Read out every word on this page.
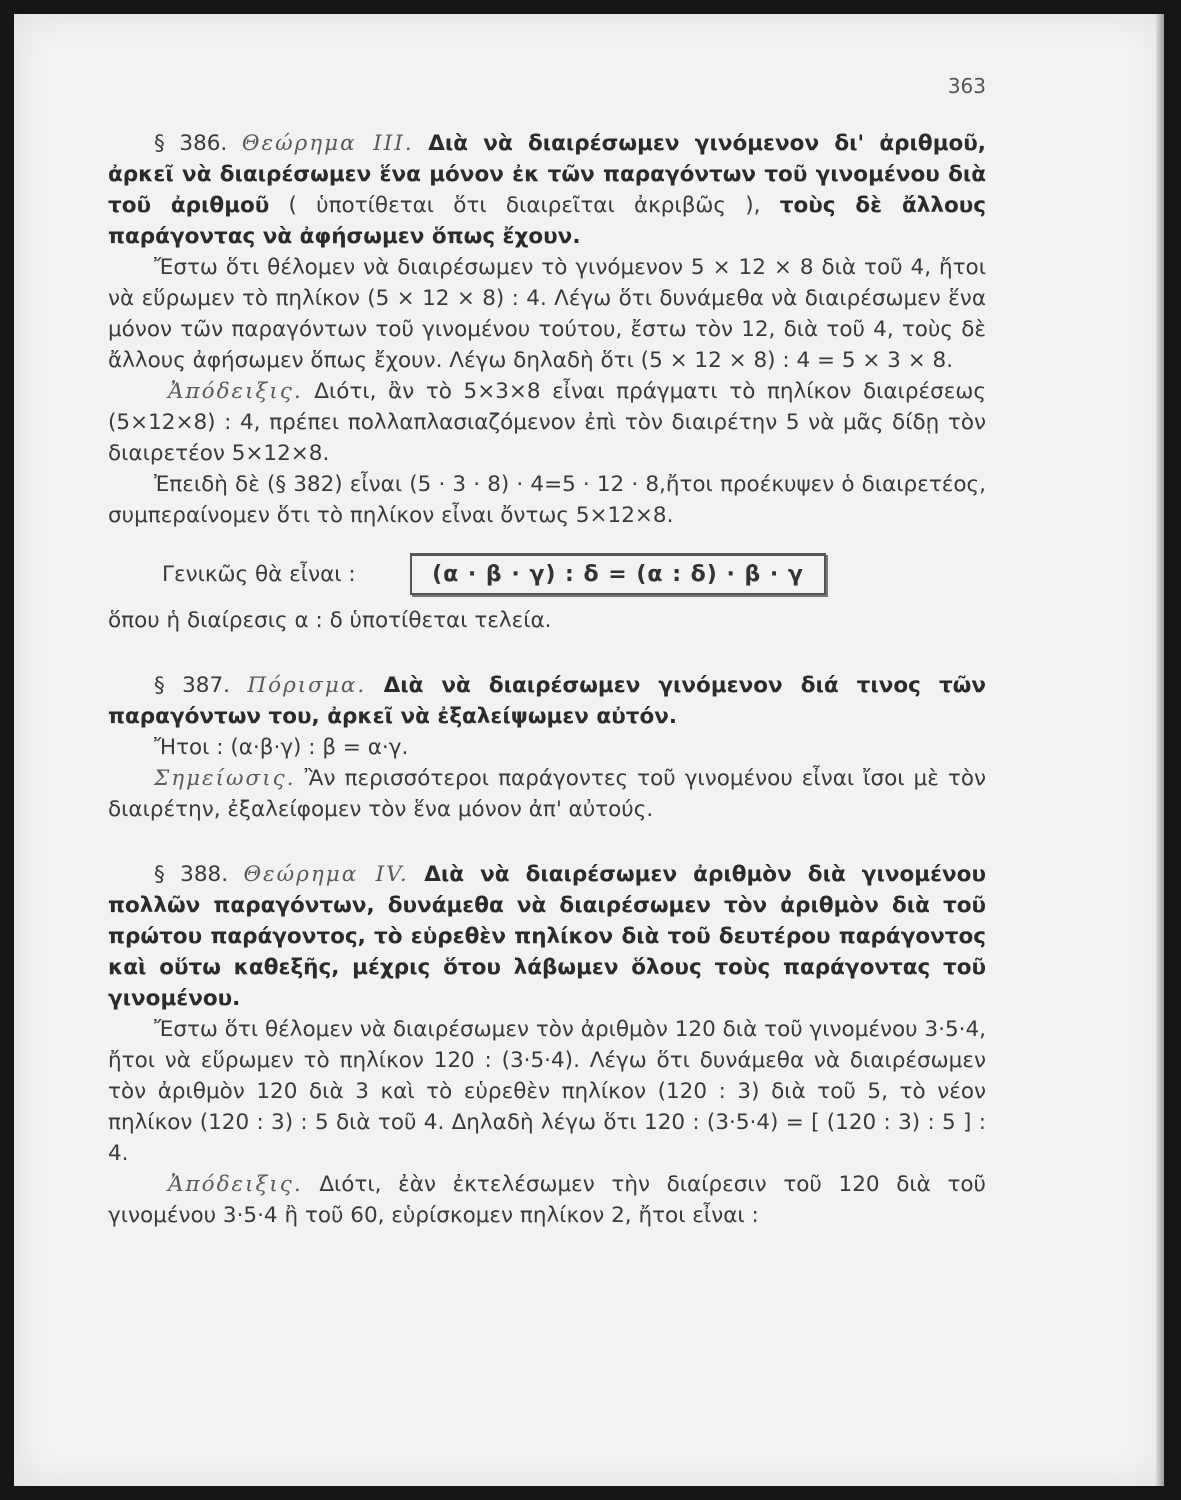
363

§ 386. Θεώρημα III. Διὰ νὰ διαιρέσωμεν γινόμενον δι' ἀριθμοῦ, ἀρκεῖ νὰ διαιρέσωμεν ἕνα μόνον ἐκ τῶν παραγόντων τοῦ γινομένου διὰ τοῦ ἀριθμοῦ ( ὑποτίθεται ὅτι διαιρεῖται ἀκριβῶς ), τοὺς δὲ ἄλλους παράγοντας νὰ ἀφήσωμεν ὅπως ἔχουν.

Ἔστω ὅτι θέλομεν νὰ διαιρέσωμεν τὸ γινόμενον 5 × 12 × 8 διὰ τοῦ 4, ἤτοι νὰ εὕρωμεν τὸ πηλίκον (5 × 12 × 8) : 4. Λέγω ὅτι δυνάμεθα νὰ διαιρέσωμεν ἕνα μόνον τῶν παραγόντων τοῦ γινομένου τούτου, ἔστω τὸν 12, διὰ τοῦ 4, τοὺς δὲ ἄλλους ἀφήσωμεν ὅπως ἔχουν. Λέγω δηλαδὴ ὅτι (5 × 12 × 8) : 4 = 5 × 3 × 8.

Ἀπόδειξις. Διότι, ἂν τὸ 5×3×8 εἶναι πράγματι τὸ πηλίκον διαιρέσεως (5×12×8) : 4, πρέπει πολλαπλασιαζόμενον ἐπὶ τὸν διαιρέτην 5 νὰ μᾶς δίδῃ τὸν διαιρετέον 5×12×8.

Ἐπειδὴ δὲ (§ 382) εἶναι (5 · 3 · 8) · 4=5 · 12 · 8,ἤτοι προέκυψεν ὁ διαιρετέος, συμπεραίνομεν ὅτι τὸ πηλίκον εἶναι ὄντως 5×12×8.

Γενικῶς θὰ εἶναι :	(α · β · γ) : δ = (α : δ) · β · γ

ὅπου ἡ διαίρεσις α : δ ὑποτίθεται τελεία.

§ 387. Πόρισμα. Διὰ νὰ διαιρέσωμεν γινόμενον διά τινος τῶν παραγόντων του, ἀρκεῖ νὰ ἐξαλείψωμεν αὐτόν.

Ἤτοι : (α·β·γ) : β = α·γ.

Σημείωσις. Ἂν περισσότεροι παράγοντες τοῦ γινομένου εἶναι ἴσοι μὲ τὸν διαιρέτην, ἐξαλείφομεν τὸν ἕνα μόνον ἀπ' αὐτούς.

§ 388. Θεώρημα IV. Διὰ νὰ διαιρέσωμεν ἀριθμὸν διὰ γινομένου πολλῶν παραγόντων, δυνάμεθα νὰ διαιρέσωμεν τὸν ἀριθμὸν διὰ τοῦ πρώτου παράγοντος, τὸ εὑρεθὲν πηλίκον διὰ τοῦ δευτέρου παράγοντος καὶ οὕτω καθεξῆς, μέχρις ὅτου λάβωμεν ὅλους τοὺς παράγοντας τοῦ γινομένου.

Ἔστω ὅτι θέλομεν νὰ διαιρέσωμεν τὸν ἀριθμὸν 120 διὰ τοῦ γινομένου 3·5·4, ἤτοι νὰ εὕρωμεν τὸ πηλίκον 120 : (3·5·4). Λέγω ὅτι δυνάμεθα νὰ διαιρέσωμεν τὸν ἀριθμὸν 120 διὰ 3 καὶ τὸ εὑρεθὲν πηλίκον (120 : 3) διὰ τοῦ 5, τὸ νέον πηλίκον (120 : 3) : 5 διὰ τοῦ 4. Δηλαδὴ λέγω ὅτι 120 : (3·5·4) = [ (120 : 3) : 5 ] : 4.

Ἀπόδειξις. Διότι, ἐὰν ἐκτελέσωμεν τὴν διαίρεσιν τοῦ 120 διὰ τοῦ γινομένου 3·5·4 ἢ τοῦ 60, εὑρίσκομεν πηλίκον 2, ἤτοι εἶναι :
